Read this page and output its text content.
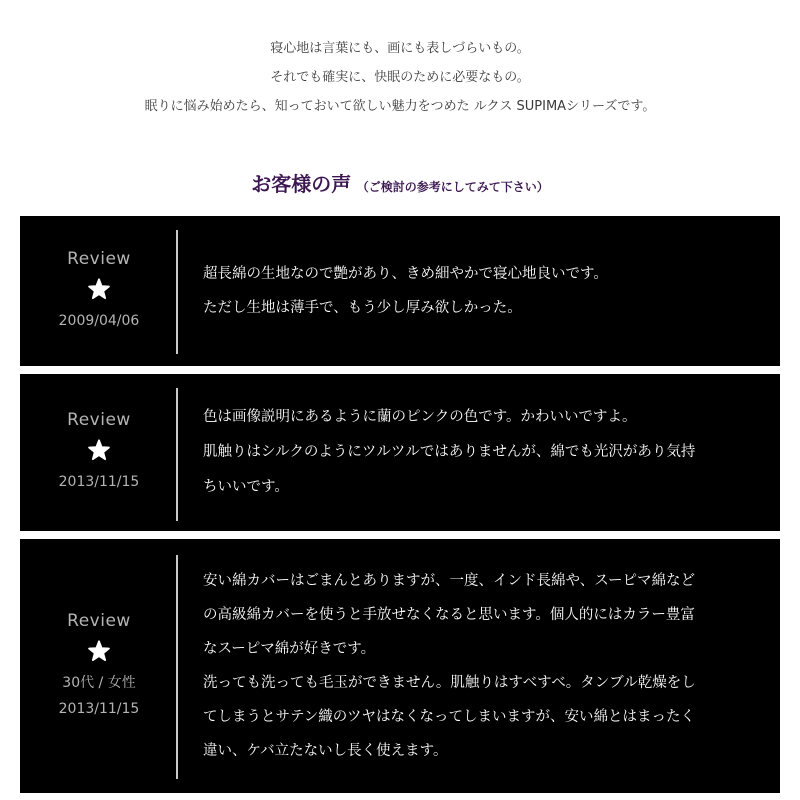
寝心地は言葉にも、画にも表しづらいもの。

それでも確実に、快眠のために必要なもの。

眠りに悩み始めたら、知っておいて欲しい魅力をつめた ルクス SUPIMAシリーズです。

お客様の声 （ご検討の参考にしてみて下さい）
Review
2009/04/06

超長綿の生地なので艶があり、きめ細やかで寝心地良いです。

ただし生地は薄手で、もう少し厚み欲しかった。

Review
2013/11/15

色は画像説明にあるように蘭のピンクの色です。かわいいですよ。

肌触りはシルクのようにツルツルではありませんが、綿でも光沢があり気持

ちいいです。

Review
30代 / 女性
2013/11/15

安い綿カバーはごまんとありますが、一度、インド長綿や、スーピマ綿など

の高級綿カバーを使うと手放せなくなると思います。個人的にはカラー豊富

なスーピマ綿が好きです。

洗っても洗っても毛玉ができません。肌触りはすべすべ。タンブル乾燥をし

てしまうとサテン織のツヤはなくなってしまいますが、安い綿とはまったく

違い、ケバ立たないし長く使えます。
